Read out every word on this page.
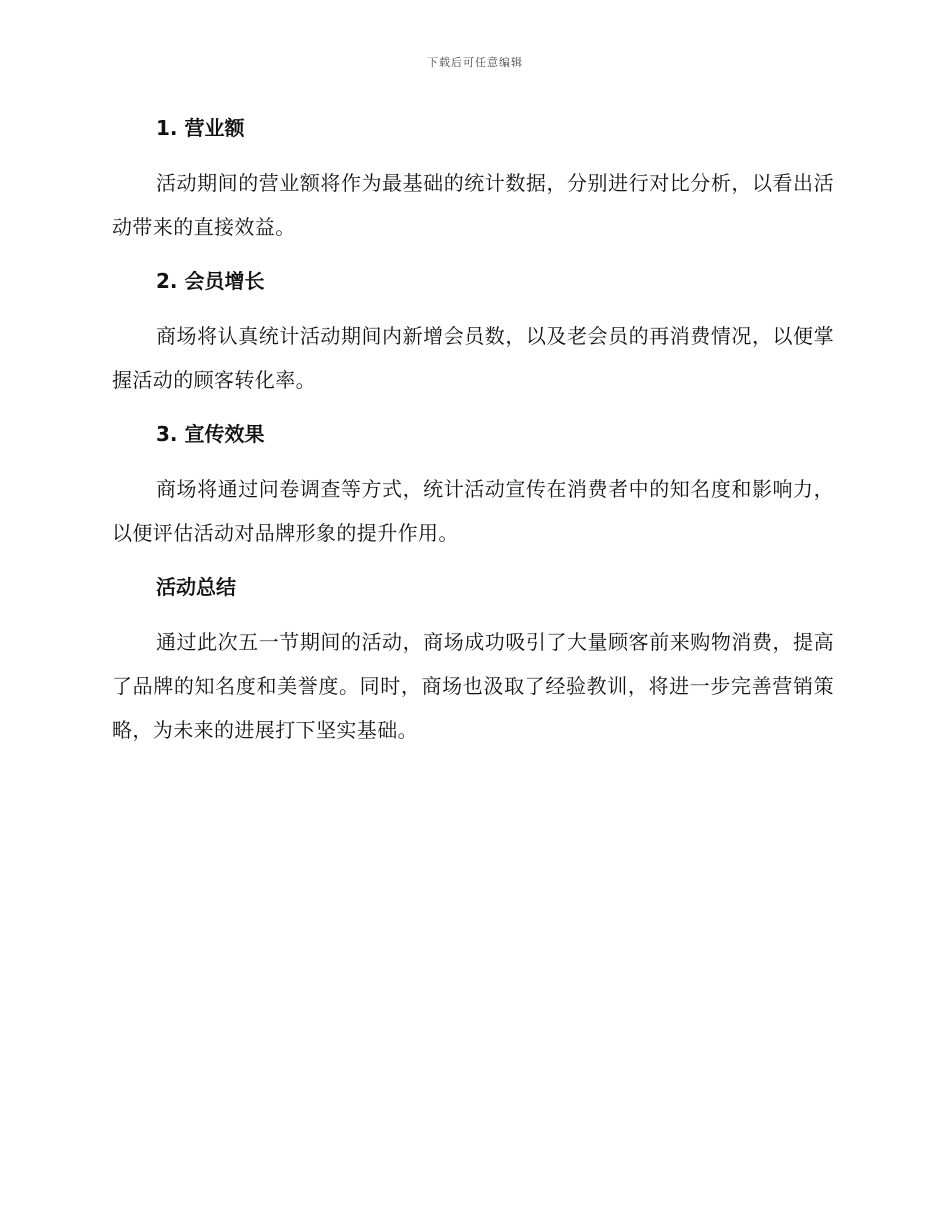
下载后可任意编辑
1. 营业额

活动期间的营业额将作为最基础的统计数据，分别进行对比分析，以看出活动带来的直接效益。

2. 会员增长

商场将认真统计活动期间内新增会员数，以及老会员的再消费情况，以便掌握活动的顾客转化率。

3. 宣传效果

商场将通过问卷调查等方式，统计活动宣传在消费者中的知名度和影响力，以便评估活动对品牌形象的提升作用。

活动总结

通过此次五一节期间的活动，商场成功吸引了大量顾客前来购物消费，提高了品牌的知名度和美誉度。同时，商场也汲取了经验教训，将进一步完善营销策略，为未来的进展打下坚实基础。
